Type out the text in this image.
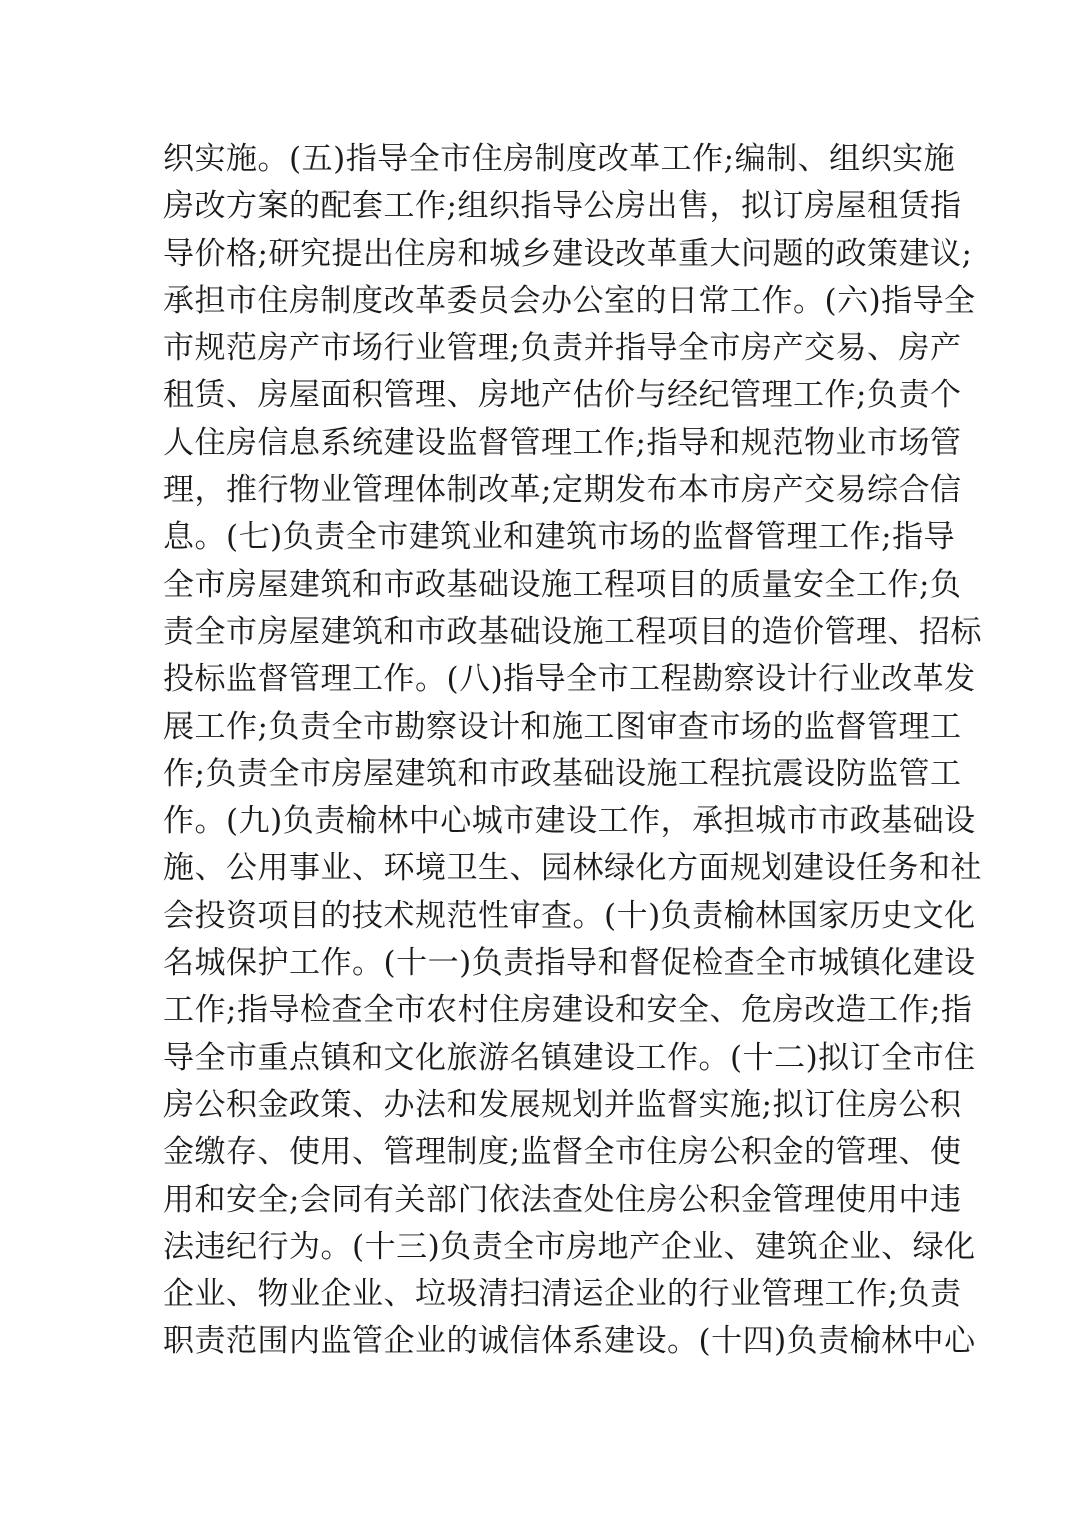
织实施。(五)指导全市住房制度改革工作;编制、组织实施
房改方案的配套工作;组织指导公房出售，拟订房屋租赁指
导价格;研究提出住房和城乡建设改革重大问题的政策建议;
承担市住房制度改革委员会办公室的日常工作。(六)指导全
市规范房产市场行业管理;负责并指导全市房产交易、房产
租赁、房屋面积管理、房地产估价与经纪管理工作;负责个
人住房信息系统建设监督管理工作;指导和规范物业市场管
理，推行物业管理体制改革;定期发布本市房产交易综合信
息。(七)负责全市建筑业和建筑市场的监督管理工作;指导
全市房屋建筑和市政基础设施工程项目的质量安全工作;负
责全市房屋建筑和市政基础设施工程项目的造价管理、招标
投标监督管理工作。(八)指导全市工程勘察设计行业改革发
展工作;负责全市勘察设计和施工图审查市场的监督管理工
作;负责全市房屋建筑和市政基础设施工程抗震设防监管工
作。(九)负责榆林中心城市建设工作，承担城市市政基础设
施、公用事业、环境卫生、园林绿化方面规划建设任务和社
会投资项目的技术规范性审查。(十)负责榆林国家历史文化
名城保护工作。(十一)负责指导和督促检查全市城镇化建设
工作;指导检查全市农村住房建设和安全、危房改造工作;指
导全市重点镇和文化旅游名镇建设工作。(十二)拟订全市住
房公积金政策、办法和发展规划并监督实施;拟订住房公积
金缴存、使用、管理制度;监督全市住房公积金的管理、使
用和安全;会同有关部门依法查处住房公积金管理使用中违
法违纪行为。(十三)负责全市房地产企业、建筑企业、绿化
企业、物业企业、垃圾清扫清运企业的行业管理工作;负责
职责范围内监管企业的诚信体系建设。(十四)负责榆林中心
